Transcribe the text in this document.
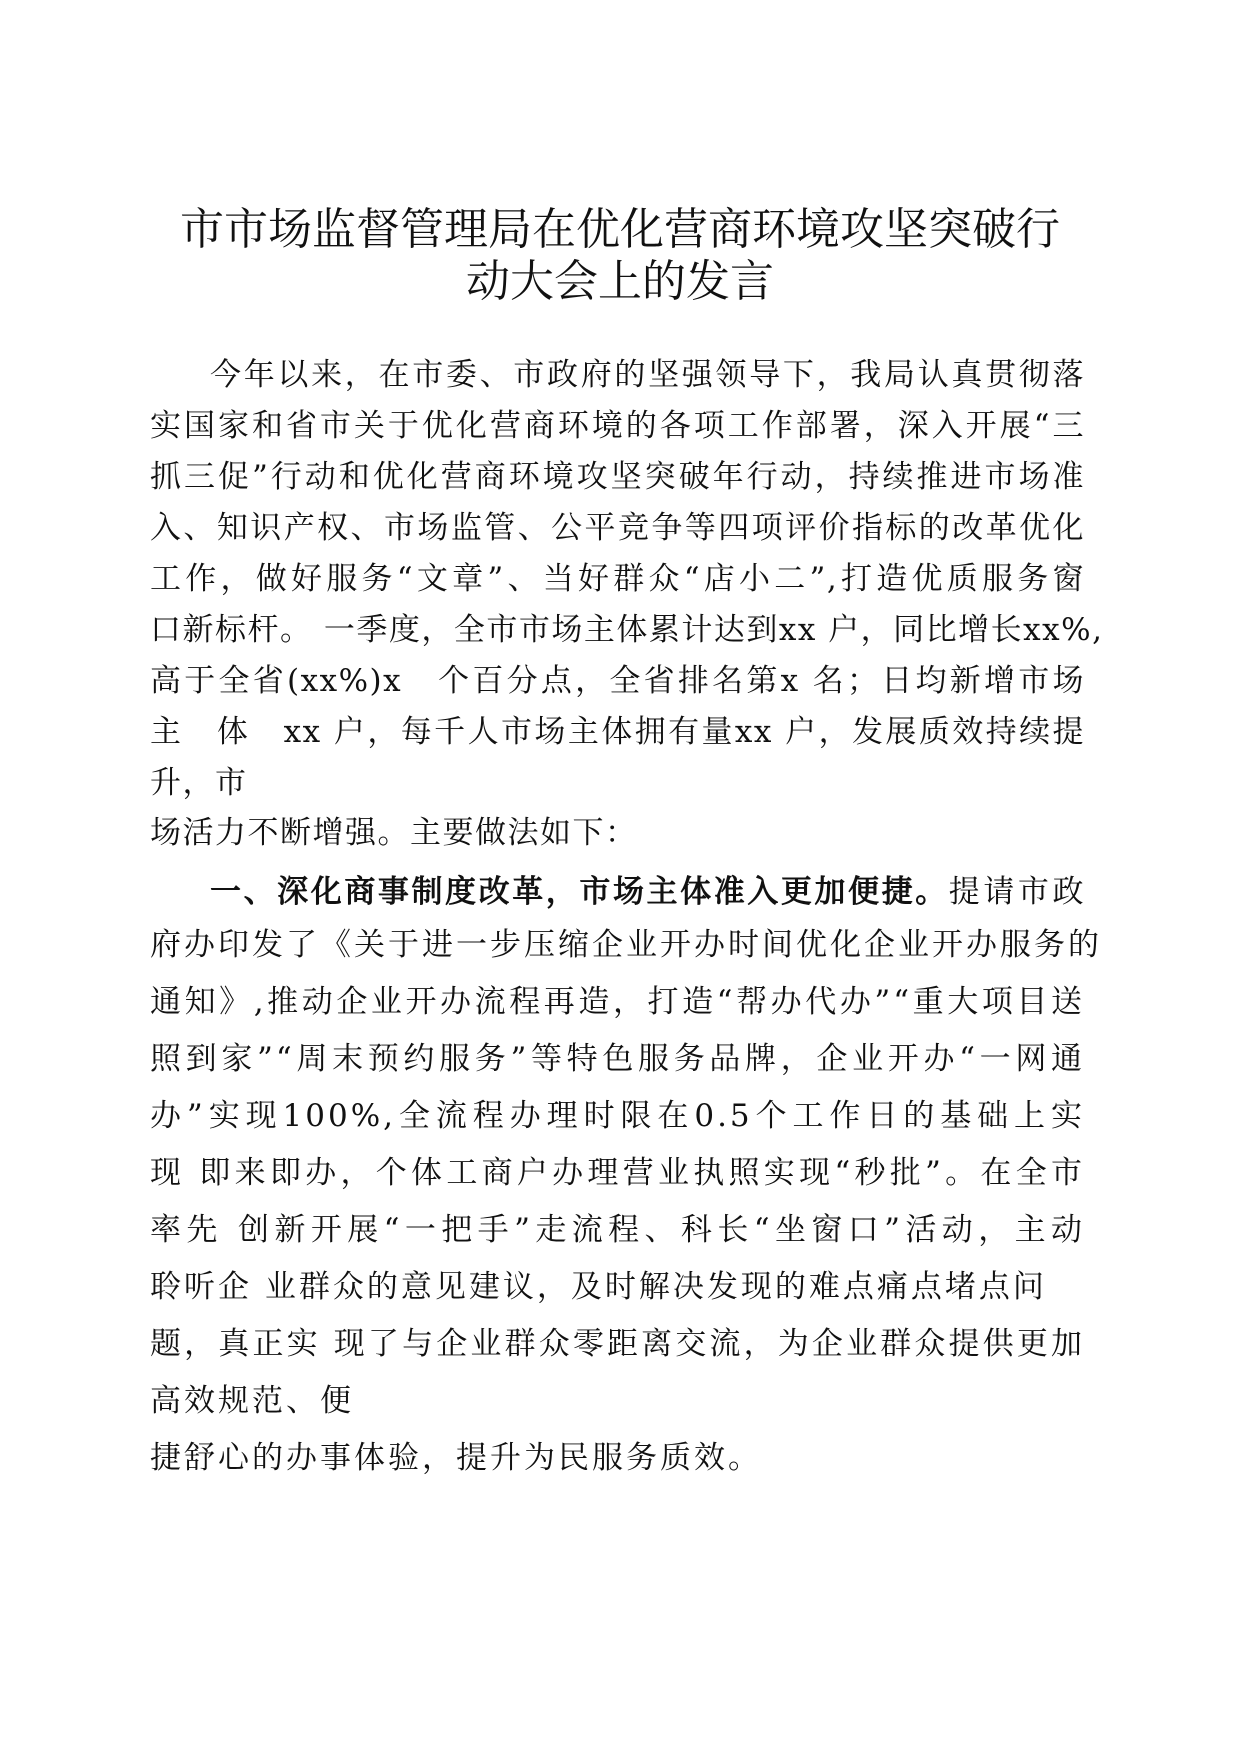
市市场监督管理局在优化营商环境攻坚突破行
动大会上的发言
今年以来，在市委、市政府的坚强领导下，我局认真贯彻落
实国家和省市关于优化营商环境的各项工作部署，深入开展“三
抓三促”行动和优化营商环境攻坚突破年行动，持续推进市场准
入、知识产权、市场监管、公平竞争等四项评价指标的改革优化
工作，做好服务“文章”、当好群众“店小二”,打造优质服务窗
口新标杆。 一季度，全市市场主体累计达到xx 户，同比增长xx%,
高于全省(xx%)x　个百分点，全省排名第x 名；日均新增市场
主　体　xx 户，每千人市场主体拥有量xx 户，发展质效持续提
升，市
场活力不断增强。主要做法如下：
一、深化商事制度改革，市场主体准入更加便捷。提请市政
府办印发了《关于进一步压缩企业开办时间优化企业开办服务的
通知》,推动企业开办流程再造，打造“帮办代办”“重大项目送
照到家”“周末预约服务”等特色服务品牌，企业开办“一网通
办”实现100%,全流程办理时限在0.5个工作日的基础上实
现 即来即办，个体工商户办理营业执照实现“秒批”。在全市
率先 创新开展“一把手”走流程、科长“坐窗口”活动，主动
聆听企 业群众的意见建议，及时解决发现的难点痛点堵点问
题，真正实 现了与企业群众零距离交流，为企业群众提供更加
高效规范、便
捷舒心的办事体验，提升为民服务质效。
